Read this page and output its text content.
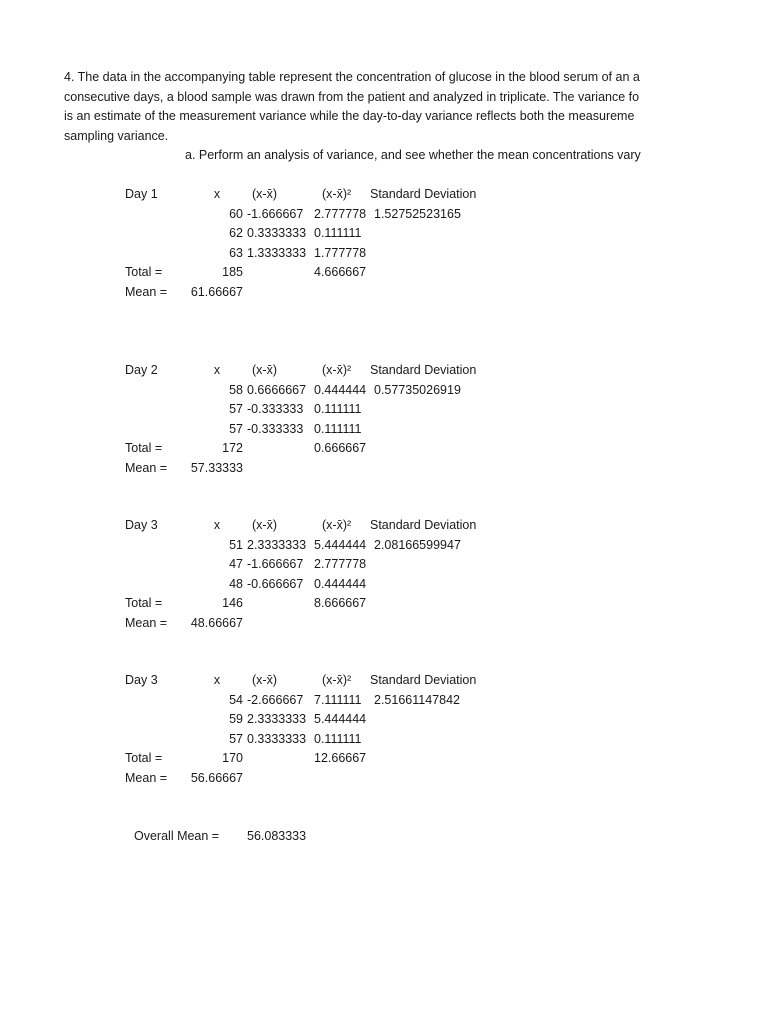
4. The data in the accompanying table represent the concentration of glucose in the blood serum of an a
consecutive days, a blood sample was drawn from the patient and analyzed in triplicate. The variance fo
is an estimate of the measurement variance while the day-to-day variance reflects both the measureme
sampling variance.
a. Perform an analysis of variance, and see whether the mean concentrations vary
Day 1	x	(x-x̄)	(x-x̄)² Standard Deviation
60 -1.666667 2.777778 1.52752523165
62 0.3333333 0.111111
63 1.3333333 1.777778
Total =	185	4.666667
Mean = 61.66667
Day 2	x	(x-x̄)	(x-x̄)² Standard Deviation
58 0.6666667 0.444444 0.57735026919
57 -0.333333 0.111111
57 -0.333333 0.111111
Total =	172	0.666667
Mean = 57.33333
Day 3	x	(x-x̄)	(x-x̄)² Standard Deviation
51 2.3333333 5.444444 2.08166599947
47 -1.666667 2.777778
48 -0.666667 0.444444
Total =	146	8.666667
Mean = 48.66667
Day 3	x	(x-x̄)	(x-x̄)² Standard Deviation
54 -2.666667 7.111111 2.51661147842
59 2.3333333 5.444444
57 0.3333333 0.111111
Total =	170	12.66667
Mean = 56.66667
Overall Mean = 56.083333
